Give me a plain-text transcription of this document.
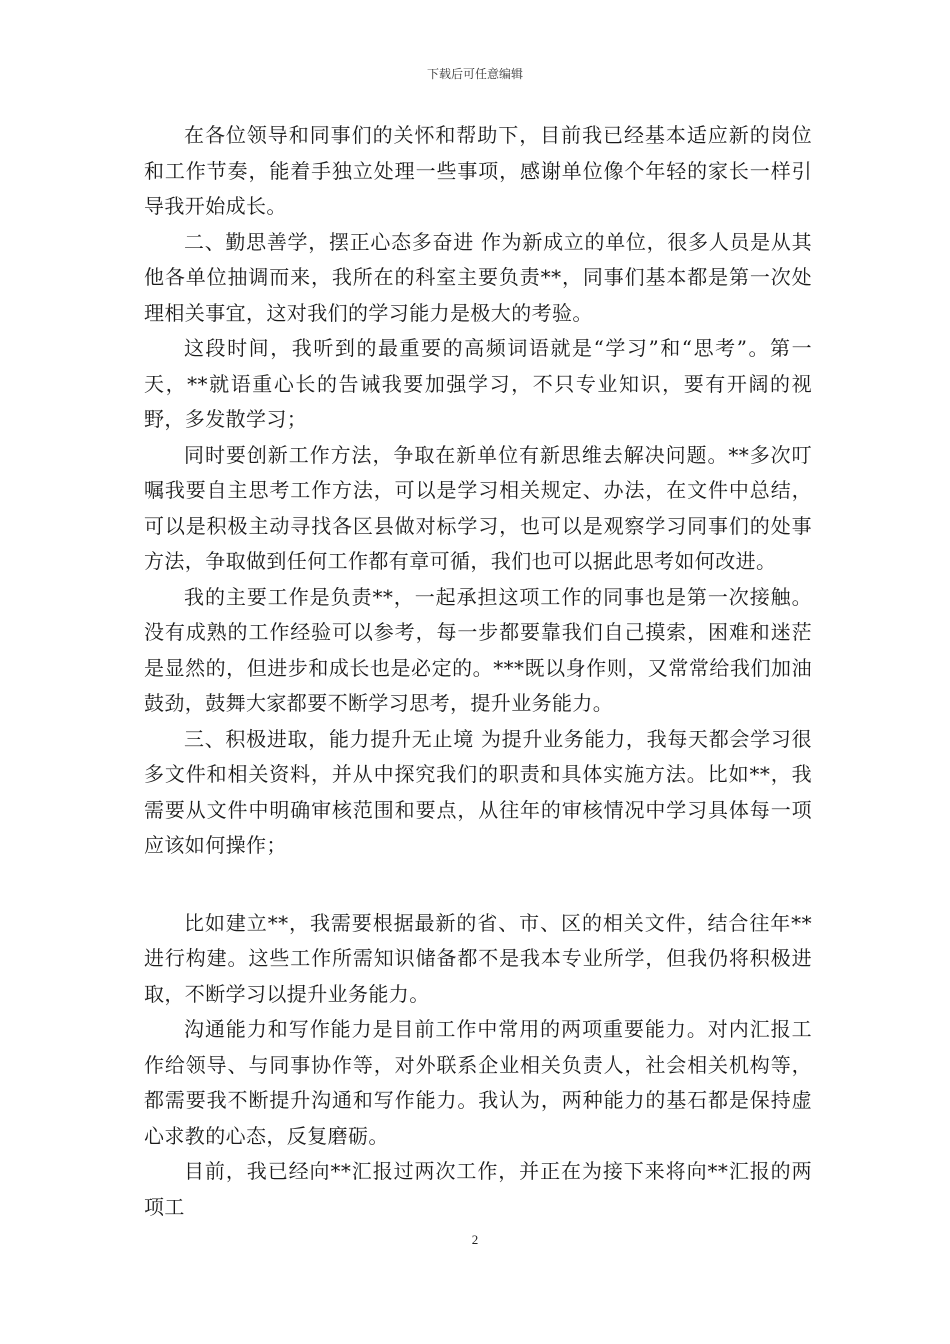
下载后可任意编辑

在各位领导和同事们的关怀和帮助下，目前我已经基本适应新的岗位和工作节奏，能着手独立处理一些事项，感谢单位像个年轻的家长一样引导我开始成长。

二、勤思善学，摆正心态多奋进 作为新成立的单位，很多人员是从其他各单位抽调而来，我所在的科室主要负责**，同事们基本都是第一次处理相关事宜，这对我们的学习能力是极大的考验。

这段时间，我听到的最重要的高频词语就是“学习”和“思考”。第一天，**就语重心长的告诫我要加强学习，不只专业知识，要有开阔的视野，多发散学习；

同时要创新工作方法，争取在新单位有新思维去解决问题。**多次叮嘱我要自主思考工作方法，可以是学习相关规定、办法，在文件中总结，可以是积极主动寻找各区县做对标学习，也可以是观察学习同事们的处事方法，争取做到任何工作都有章可循，我们也可以据此思考如何改进。

我的主要工作是负责**，一起承担这项工作的同事也是第一次接触。没有成熟的工作经验可以参考，每一步都要靠我们自己摸索，困难和迷茫是显然的，但进步和成长也是必定的。***既以身作则，又常常给我们加油鼓劲，鼓舞大家都要不断学习思考，提升业务能力。

三、积极进取，能力提升无止境 为提升业务能力，我每天都会学习很多文件和相关资料，并从中探究我们的职责和具体实施方法。比如**，我需要从文件中明确审核范围和要点，从往年的审核情况中学习具体每一项应该如何操作；

比如建立**，我需要根据最新的省、市、区的相关文件，结合往年**进行构建。这些工作所需知识储备都不是我本专业所学，但我仍将积极进取，不断学习以提升业务能力。

沟通能力和写作能力是目前工作中常用的两项重要能力。对内汇报工作给领导、与同事协作等，对外联系企业相关负责人，社会相关机构等，都需要我不断提升沟通和写作能力。我认为，两种能力的基石都是保持虚心求教的心态，反复磨砺。

目前，我已经向**汇报过两次工作，并正在为接下来将向**汇报的两项工

2
